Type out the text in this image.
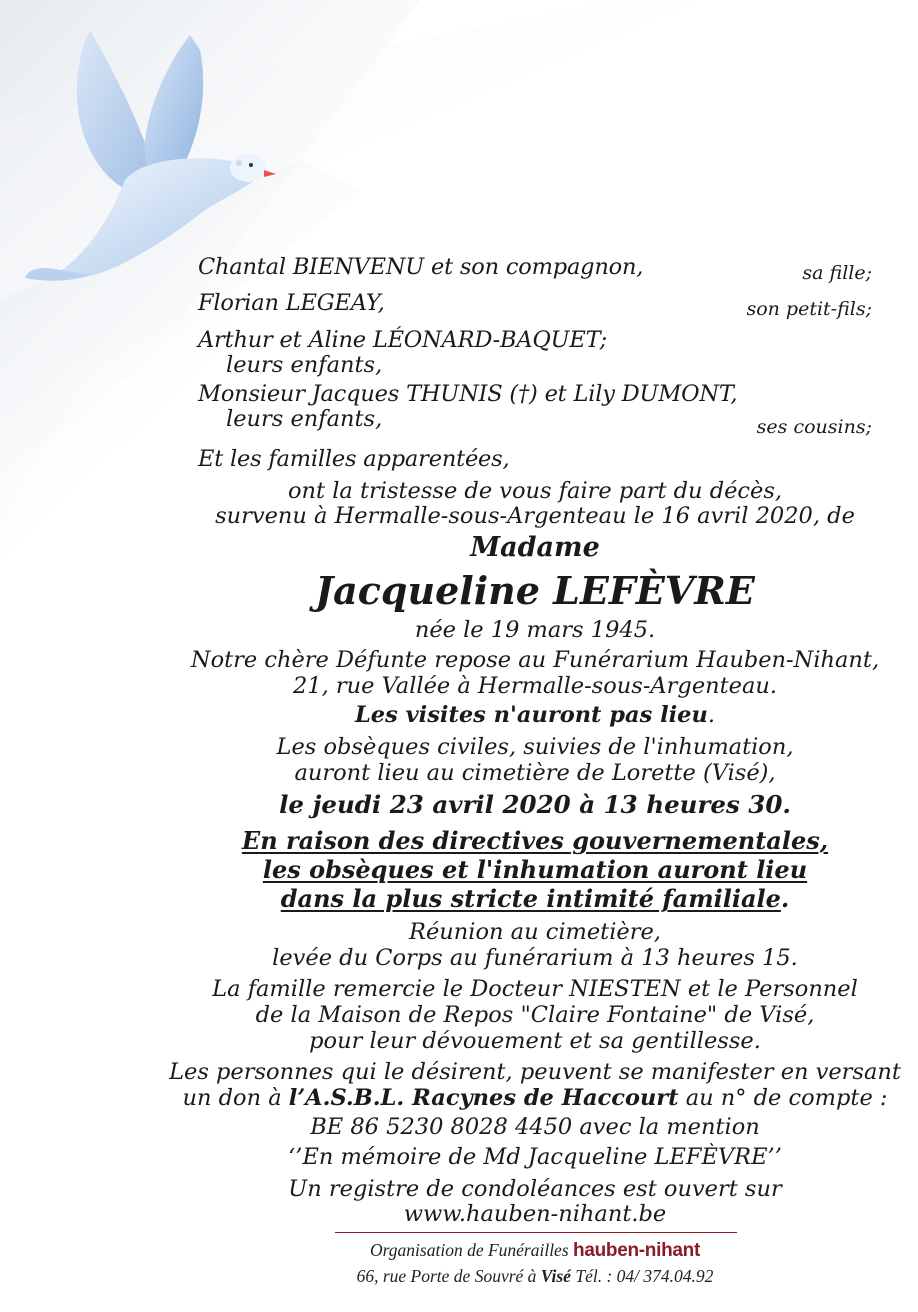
Chantal BIENVENU et son compagnon,	sa fille;
Florian LEGEAY,	son petit-fils;
Arthur et Aline LÉONARD-BAQUET;
leurs enfants,
Monsieur Jacques THUNIS (†) et Lily DUMONT,
leurs enfants,	ses cousins;
Et les familles apparentées,
ont la tristesse de vous faire part du décès,
survenu à Hermalle-sous-Argenteau le 16 avril 2020, de
Madame
Jacqueline LEFÈVRE
née le 19 mars 1945.
Notre chère Défunte repose au Funérarium Hauben-Nihant,
21, rue Vallée à Hermalle-sous-Argenteau.
Les visites n'auront pas lieu.
Les obsèques civiles, suivies de l'inhumation,
auront lieu au cimetière de Lorette (Visé),
le jeudi 23 avril 2020 à 13 heures 30.
En raison des directives gouvernementales,
les obsèques et l'inhumation auront lieu
dans la plus stricte intimité familiale.
Réunion au cimetière,
levée du Corps au funérarium à 13 heures 15.
La famille remercie le Docteur NIESTEN et le Personnel
de la Maison de Repos "Claire Fontaine" de Visé,
pour leur dévouement et sa gentillesse.
Les personnes qui le désirent, peuvent se manifester en versant
un don à l’A.S.B.L. Racynes de Haccourt au n° de compte :
BE 86 5230 8028 4450 avec la mention
‘’En mémoire de Md Jacqueline LEFÈVRE’’
Un registre de condoléances est ouvert sur
www.hauben-nihant.be
Organisation de Funérailles hauben-nihant
66, rue Porte de Souvré à Visé Tél. : 04/ 374.04.92
